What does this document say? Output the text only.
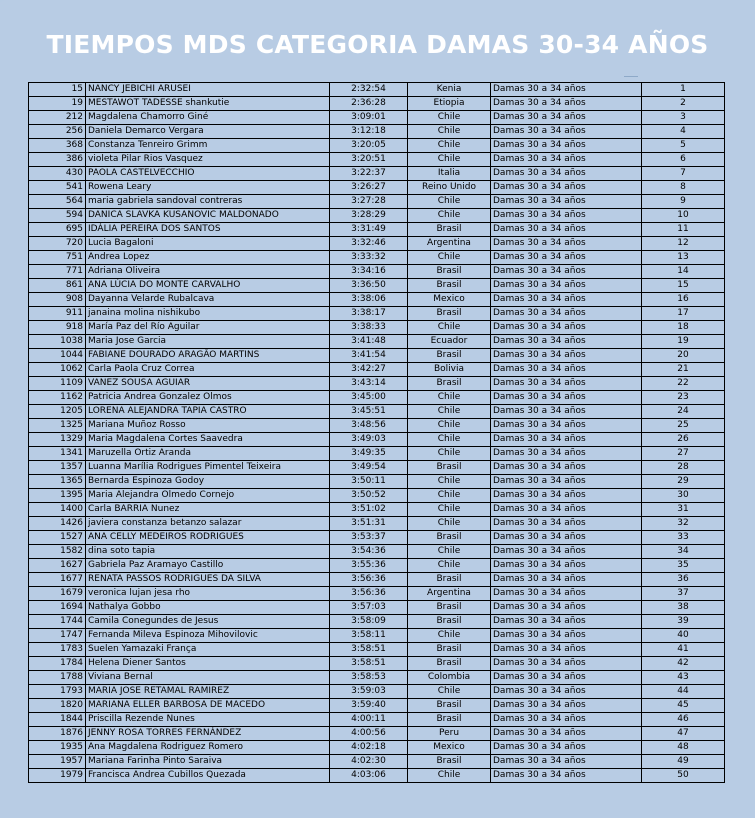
TIEMPOS MDS CATEGORIA DAMAS 30-34 AÑOS
15	NANCY JEBICHI ARUSEI	2:32:54	Kenia	Damas 30 a 34 años	1
19	MESTAWOT TADESSE shankutie	2:36:28	Etiopia	Damas 30 a 34 años	2
212	Magdalena Chamorro Giné	3:09:01	Chile	Damas 30 a 34 años	3
256	Daniela Demarco Vergara	3:12:18	Chile	Damas 30 a 34 años	4
368	Constanza Tenreiro Grimm	3:20:05	Chile	Damas 30 a 34 años	5
386	violeta Pilar Rios Vasquez	3:20:51	Chile	Damas 30 a 34 años	6
430	PAOLA CASTELVECCHIO	3:22:37	Italia	Damas 30 a 34 años	7
541	Rowena Leary	3:26:27	Reino Unido	Damas 30 a 34 años	8
564	maria gabriela sandoval contreras	3:27:28	Chile	Damas 30 a 34 años	9
594	DANICA SLAVKA KUSANOVIC MALDONADO	3:28:29	Chile	Damas 30 a 34 años	10
695	IDÁLIA PEREIRA DOS SANTOS	3:31:49	Brasil	Damas 30 a 34 años	11
720	Lucia Bagaloni	3:32:46	Argentina	Damas 30 a 34 años	12
751	Andrea Lopez	3:33:32	Chile	Damas 30 a 34 años	13
771	Adriana Oliveira	3:34:16	Brasil	Damas 30 a 34 años	14
861	ANA LÚCIA DO MONTE CARVALHO	3:36:50	Brasil	Damas 30 a 34 años	15
908	Dayanna Velarde Rubalcava	3:38:06	Mexico	Damas 30 a 34 años	16
911	janaina molina nishikubo	3:38:17	Brasil	Damas 30 a 34 años	17
918	María Paz del Río Aguilar	3:38:33	Chile	Damas 30 a 34 años	18
1038	Maria Jose Garcia	3:41:48	Ecuador	Damas 30 a 34 años	19
1044	FABIANE DOURADO ARAGÃO MARTINS	3:41:54	Brasil	Damas 30 a 34 años	20
1062	Carla Paola Cruz Correa	3:42:27	Bolivia	Damas 30 a 34 años	21
1109	VANEZ SOUSA AGUIAR	3:43:14	Brasil	Damas 30 a 34 años	22
1162	Patricia Andrea Gonzalez Olmos	3:45:00	Chile	Damas 30 a 34 años	23
1205	LORENA ALEJANDRA TAPIA CASTRO	3:45:51	Chile	Damas 30 a 34 años	24
1325	Mariana Muñoz Rosso	3:48:56	Chile	Damas 30 a 34 años	25
1329	Maria Magdalena Cortes Saavedra	3:49:03	Chile	Damas 30 a 34 años	26
1341	Maruzella Ortiz Aranda	3:49:35	Chile	Damas 30 a 34 años	27
1357	Luanna Marília Rodrigues Pimentel Teixeira	3:49:54	Brasil	Damas 30 a 34 años	28
1365	Bernarda Espinoza Godoy	3:50:11	Chile	Damas 30 a 34 años	29
1395	Maria Alejandra Olmedo Cornejo	3:50:52	Chile	Damas 30 a 34 años	30
1400	Carla BARRIA Nunez	3:51:02	Chile	Damas 30 a 34 años	31
1426	javiera constanza betanzo salazar	3:51:31	Chile	Damas 30 a 34 años	32
1527	ANA CELLY MEDEIROS RODRIGUES	3:53:37	Brasil	Damas 30 a 34 años	33
1582	dina soto tapia	3:54:36	Chile	Damas 30 a 34 años	34
1627	Gabriela Paz Aramayo Castillo	3:55:36	Chile	Damas 30 a 34 años	35
1677	RENATA PASSOS RODRIGUES DA SILVA	3:56:36	Brasil	Damas 30 a 34 años	36
1679	veronica lujan jesa rho	3:56:36	Argentina	Damas 30 a 34 años	37
1694	Nathalya Gobbo	3:57:03	Brasil	Damas 30 a 34 años	38
1744	Camila Conegundes de Jesus	3:58:09	Brasil	Damas 30 a 34 años	39
1747	Fernanda Mileva Espinoza Mihovilovic	3:58:11	Chile	Damas 30 a 34 años	40
1783	Suelen Yamazaki França	3:58:51	Brasil	Damas 30 a 34 años	41
1784	Helena Diener Santos	3:58:51	Brasil	Damas 30 a 34 años	42
1788	Viviana Bernal	3:58:53	Colombia	Damas 30 a 34 años	43
1793	MARIA JOSE RETAMAL RAMIREZ	3:59:03	Chile	Damas 30 a 34 años	44
1820	MARIANA ELLER BARBOSA DE MACEDO	3:59:40	Brasil	Damas 30 a 34 años	45
1844	Priscilla Rezende Nunes	4:00:11	Brasil	Damas 30 a 34 años	46
1876	JENNY ROSA TORRES FERNÁNDEZ	4:00:56	Peru	Damas 30 a 34 años	47
1935	Ana Magdalena Rodriguez Romero	4:02:18	Mexico	Damas 30 a 34 años	48
1957	Mariana Farinha Pinto Saraiva	4:02:30	Brasil	Damas 30 a 34 años	49
1979	Francisca Andrea Cubillos Quezada	4:03:06	Chile	Damas 30 a 34 años	50
